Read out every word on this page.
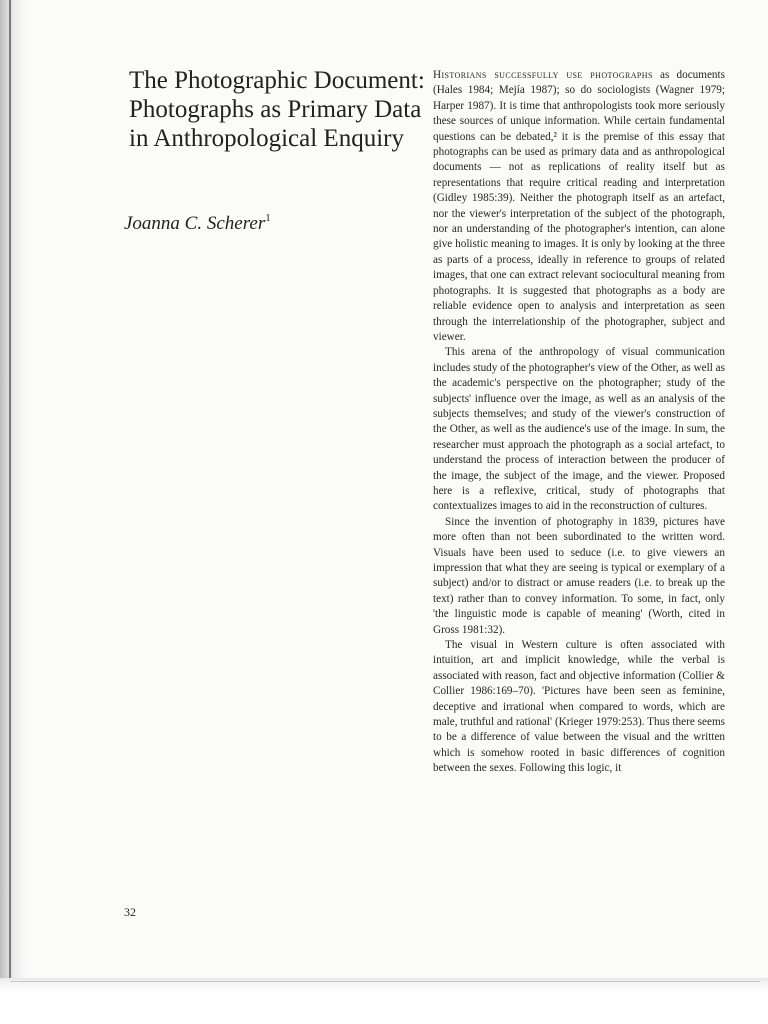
The Photographic Document: Photographs as Primary Data in Anthropological Enquiry
Joanna C. Scherer$^1$

Historians successfully use photographs as documents (Hales 1984; Mejía 1987); so do sociologists (Wagner 1979; Harper 1987). It is time that anthropologists took more seriously these sources of unique information. While certain fundamental questions can be debated,² it is the premise of this essay that photographs can be used as primary data and as anthropological documents — not as replications of reality itself but as representations that require critical reading and interpretation (Gidley 1985:39). Neither the photograph itself as an artefact, nor the viewer's interpretation of the subject of the photograph, nor an understanding of the photographer's intention, can alone give holistic meaning to images. It is only by looking at the three as parts of a process, ideally in reference to groups of related images, that one can extract relevant sociocultural meaning from photographs. It is suggested that photographs as a body are reliable evidence open to analysis and interpretation as seen through the interrelationship of the photographer, subject and viewer.

This arena of the anthropology of visual communication includes study of the photographer's view of the Other, as well as the academic's perspective on the photographer; study of the subjects' influence over the image, as well as an analysis of the subjects themselves; and study of the viewer's construction of the Other, as well as the audience's use of the image. In sum, the researcher must approach the photograph as a social artefact, to understand the process of interaction between the producer of the image, the subject of the image, and the viewer. Proposed here is a reflexive, critical, study of photographs that contextualizes images to aid in the reconstruction of cultures.

Since the invention of photography in 1839, pictures have more often than not been subordinated to the written word. Visuals have been used to seduce (i.e. to give viewers an impression that what they are seeing is typical or exemplary of a subject) and/or to distract or amuse readers (i.e. to break up the text) rather than to convey information. To some, in fact, only 'the linguistic mode is capable of meaning' (Worth, cited in Gross 1981:32).

The visual in Western culture is often associated with intuition, art and implicit knowledge, while the verbal is associated with reason, fact and objective information (Collier & Collier 1986:169–70). 'Pictures have been seen as feminine, deceptive and irrational when compared to words, which are male, truthful and rational' (Krieger 1979:253). Thus there seems to be a difference of value between the visual and the written which is somehow rooted in basic differences of cognition between the sexes. Following this logic, it

32
